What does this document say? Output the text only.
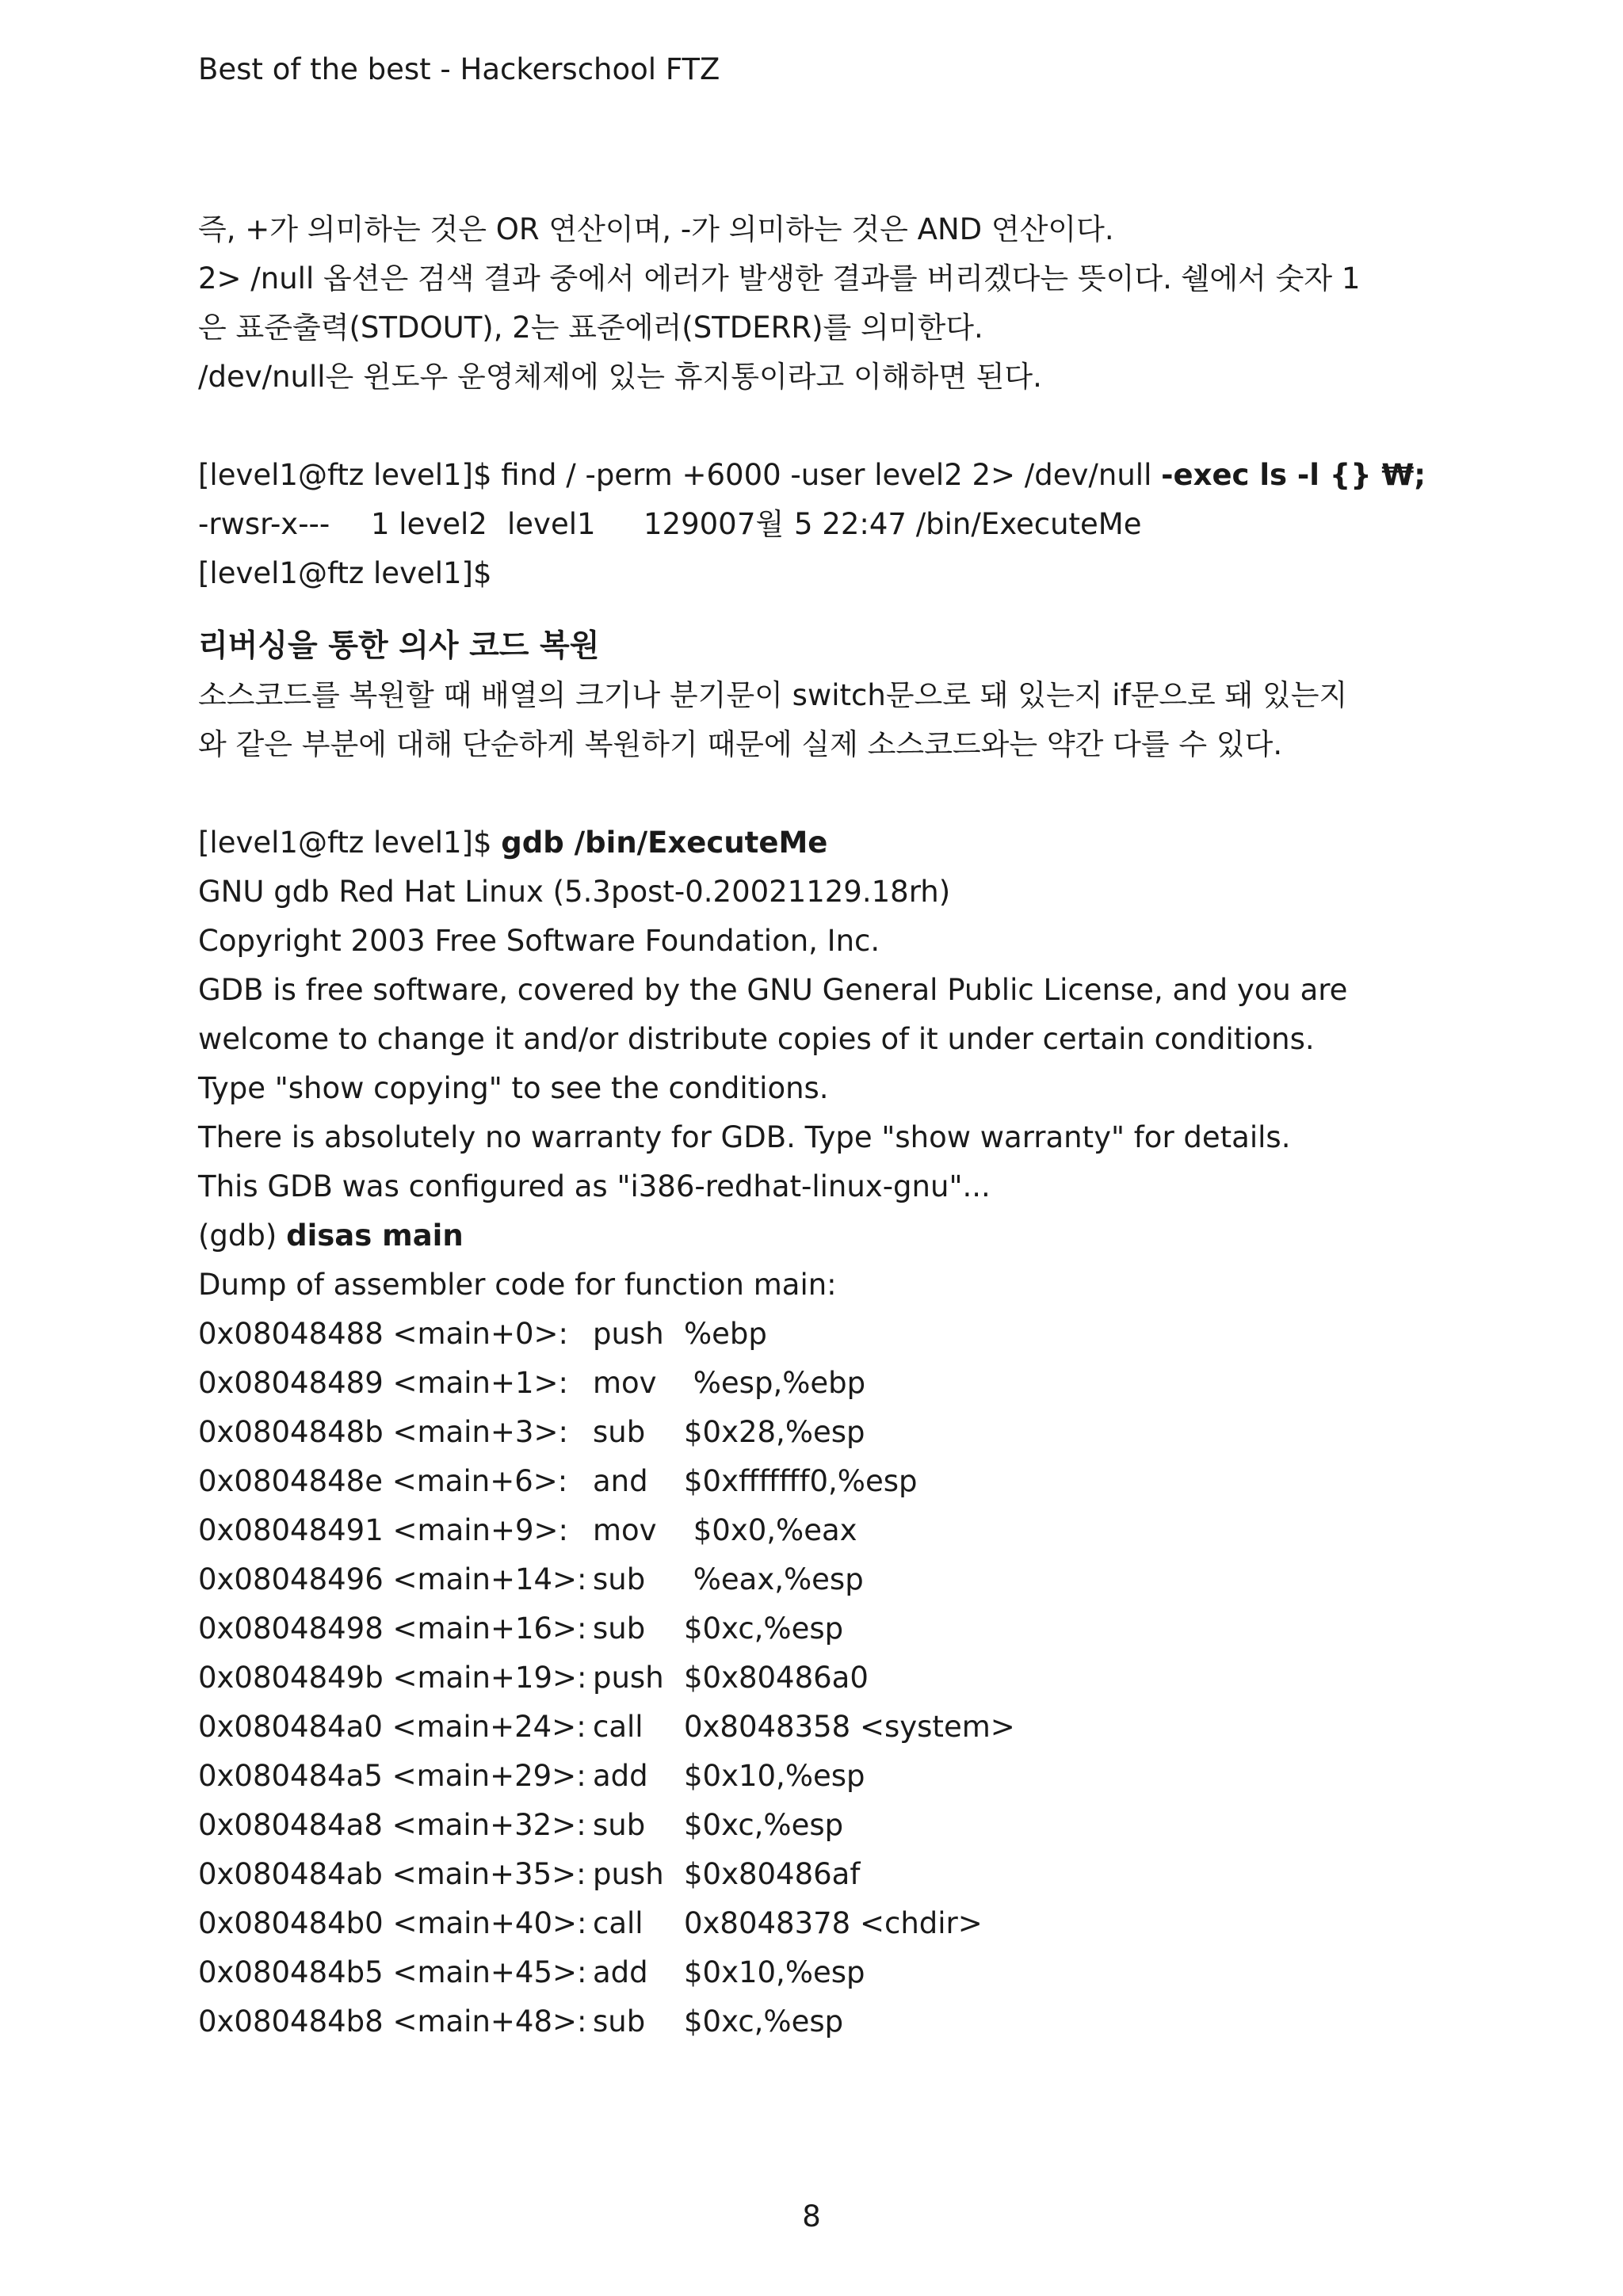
Best of the best - Hackerschool FTZ
즉, +가 의미하는 것은 OR 연산이며, -가 의미하는 것은 AND 연산이다.
2> /null 옵션은 검색 결과 중에서 에러가 발생한 결과를 버리겠다는 뜻이다. 쉘에서 숫자 1
은 표준출력(STDOUT), 2는 표준에러(STDERR)를 의미한다.
/dev/null은 윈도우 운영체제에 있는 휴지통이라고 이해하면 된다.
[level1@ftz level1]$ find / -perm +6000 -user level2 2> /dev/null -exec ls -l {} ₩;
-rwsr-x---	1 level2 level1	12900 7월 5 22:47 /bin/ExecuteMe
[level1@ftz level1]$
리버싱을 통한 의사 코드 복원
소스코드를 복원할 때 배열의 크기나 분기문이 switch문으로 돼 있는지 if문으로 돼 있는지
와 같은 부분에 대해 단순하게 복원하기 때문에 실제 소스코드와는 약간 다를 수 있다.
[level1@ftz level1]$ gdb /bin/ExecuteMe
GNU gdb Red Hat Linux (5.3post-0.20021129.18rh)
Copyright 2003 Free Software Foundation, Inc.
GDB is free software, covered by the GNU General Public License, and you are
welcome to change it and/or distribute copies of it under certain conditions.
Type "show copying" to see the conditions.
There is absolutely no warranty for GDB. Type "show warranty" for details.
This GDB was configured as "i386-redhat-linux-gnu"...
(gdb) disas main
Dump of assembler code for function main:
0x08048488 <main+0>: push %ebp
0x08048489 <main+1>: mov %esp,%ebp
0x0804848b <main+3>: sub	$0x28,%esp
0x0804848e <main+6>: and	$0xfffffff0,%esp
0x08048491 <main+9>: mov $0x0,%eax
0x08048496 <main+14>: sub	%eax,%esp
0x08048498 <main+16>: sub	$0xc,%esp
0x0804849b <main+19>: push $0x80486a0
0x080484a0 <main+24>: call	0x8048358 <system>
0x080484a5 <main+29>: add	$0x10,%esp
0x080484a8 <main+32>: sub	$0xc,%esp
0x080484ab <main+35>: push $0x80486af
0x080484b0 <main+40>: call	0x8048378 <chdir>
0x080484b5 <main+45>: add	$0x10,%esp
0x080484b8 <main+48>: sub	$0xc,%esp
8
